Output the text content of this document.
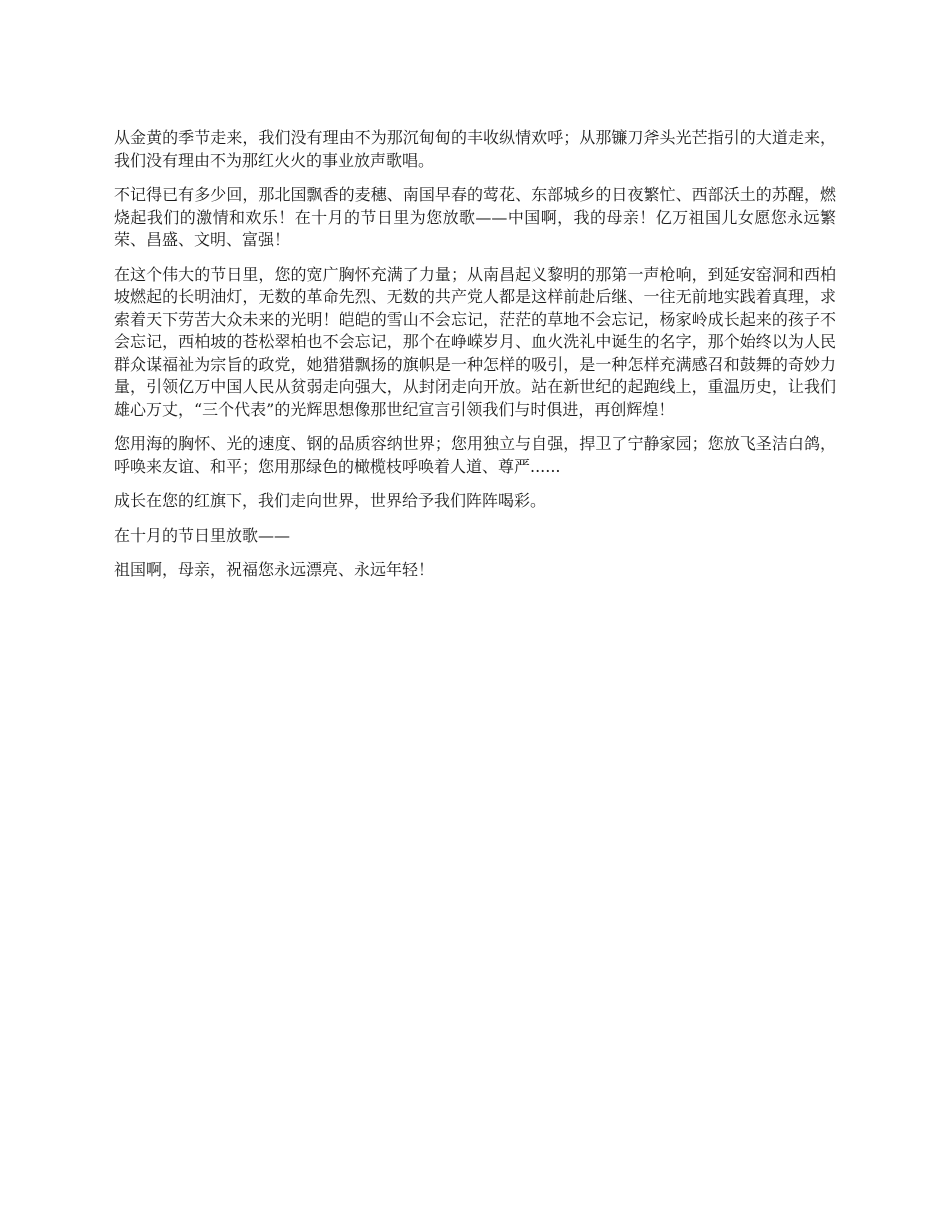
从金黄的季节走来，我们没有理由不为那沉甸甸的丰收纵情欢呼；从那镰刀斧头光芒指引的大道走来，我们没有理由不为那红火火的事业放声歌唱。

不记得已有多少回，那北国飘香的麦穗、南国早春的莺花、东部城乡的日夜繁忙、西部沃土的苏醒，燃烧起我们的激情和欢乐！在十月的节日里为您放歌——中国啊，我的母亲！亿万祖国儿女愿您永远繁荣、昌盛、文明、富强！

在这个伟大的节日里，您的宽广胸怀充满了力量；从南昌起义黎明的那第一声枪响，到延安窑洞和西柏坡燃起的长明油灯，无数的革命先烈、无数的共产党人都是这样前赴后继、一往无前地实践着真理，求索着天下劳苦大众未来的光明！皑皑的雪山不会忘记，茫茫的草地不会忘记，杨家岭成长起来的孩子不会忘记，西柏坡的苍松翠柏也不会忘记，那个在峥嵘岁月、血火洗礼中诞生的名字，那个始终以为人民群众谋福祉为宗旨的政党，她猎猎飘扬的旗帜是一种怎样的吸引，是一种怎样充满感召和鼓舞的奇妙力量，引领亿万中国人民从贫弱走向强大，从封闭走向开放。站在新世纪的起跑线上，重温历史，让我们雄心万丈，“三个代表”的光辉思想像那世纪宣言引领我们与时俱进，再创辉煌！

您用海的胸怀、光的速度、钢的品质容纳世界；您用独立与自强，捍卫了宁静家园；您放飞圣洁白鸽，呼唤来友谊、和平；您用那绿色的橄榄枝呼唤着人道、尊严......

成长在您的红旗下，我们走向世界，世界给予我们阵阵喝彩。

在十月的节日里放歌——

祖国啊，母亲，祝福您永远漂亮、永远年轻！
